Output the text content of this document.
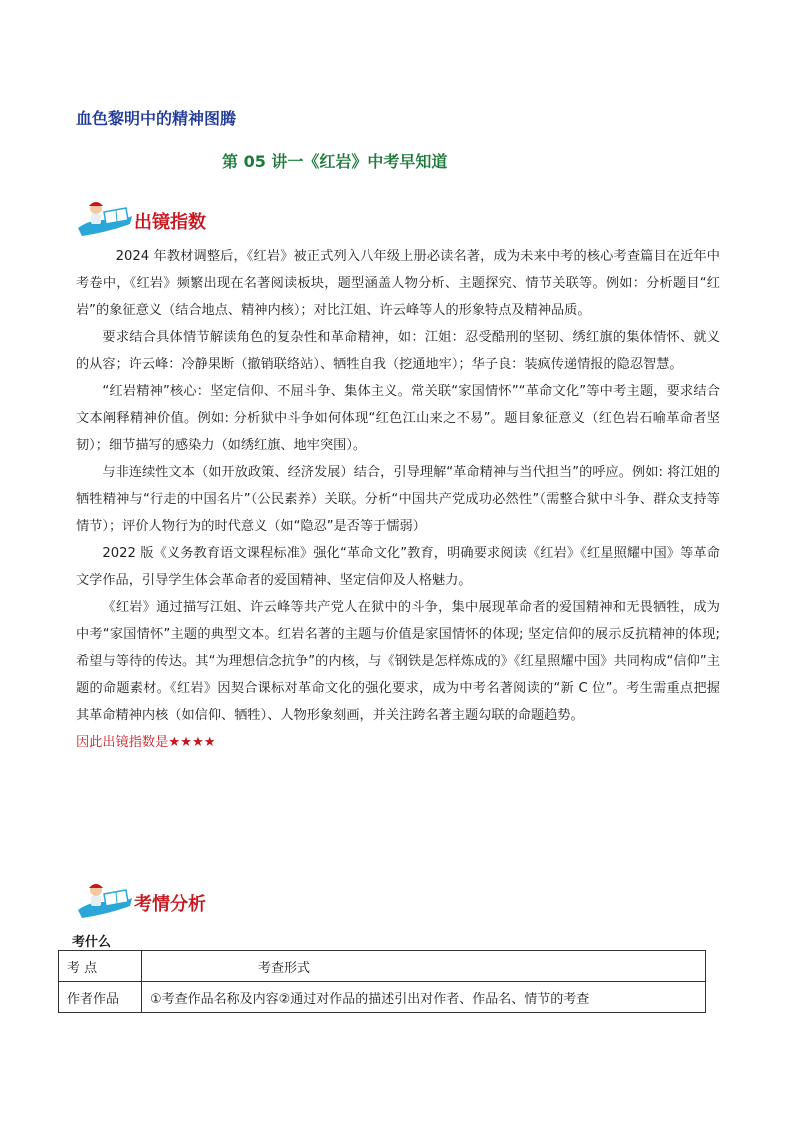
血色黎明中的精神图腾
第 05 讲一《红岩》中考早知道
出镜指数

2024 年教材调整后，《红岩》被正式列入八年级上册必读名著，成为未来中考的核心考查篇目在近年中考卷中，《红岩》频繁出现在名著阅读板块，题型涵盖人物分析、主题探究、情节关联等。例如：分析题目“红岩”的象征意义（结合地点、精神内核）；对比江姐、许云峰等人的形象特点及精神品质。

要求结合具体情节解读角色的复杂性和革命精神，如：江姐：忍受酷刑的坚韧、绣红旗的集体情怀、就义的从容；许云峰：冷静果断（撤销联络站）、牺牲自我（挖通地牢）；华子良：装疯传递情报的隐忍智慧。

“红岩精神”核心：坚定信仰、不屈斗争、集体主义。常关联“家国情怀”“革命文化”等中考主题，要求结合文本阐释精神价值。例如: 分析狱中斗争如何体现“红色江山来之不易”。题目象征意义（红色岩石喻革命者坚韧）；细节描写的感染力（如绣红旗、地牢突围）。

与非连续性文本（如开放政策、经济发展）结合，引导理解“革命精神与当代担当”的呼应。例如: 将江姐的牺牲精神与“行走的中国名片”（公民素养）关联。分析“中国共产党成功必然性”（需整合狱中斗争、群众支持等情节）；评价人物行为的时代意义（如“隐忍”是否等于懦弱）

2022 版《义务教育语文课程标准》强化“革命文化”教育，明确要求阅读《红岩》《红星照耀中国》等革命文学作品，引导学生体会革命者的爱国精神、坚定信仰及人格魅力。

《红岩》通过描写江姐、许云峰等共产党人在狱中的斗争，集中展现革命者的爱国精神和无畏牺牲，成为中考“家国情怀”主题的典型文本。红岩名著的主题与价值是家国情怀的体现; 坚定信仰的展示反抗精神的体现; 希望与等待的传达。其“为理想信念抗争”的内核，与《钢铁是怎样炼成的》《红星照耀中国》共同构成“信仰”主题的命题素材。《红岩》因契合课标对革命文化的强化要求，成为中考名著阅读的“新 C 位”。考生需重点把握其革命精神内核（如信仰、牺牲）、人物形象刻画，并关注跨名著主题勾联的命题趋势。

因此出镜指数是★★★★

考情分析
考什么
考 点	考查形式
作者作品	①考查作品名称及内容②通过对作品的描述引出对作者、作品名、情节的考查
